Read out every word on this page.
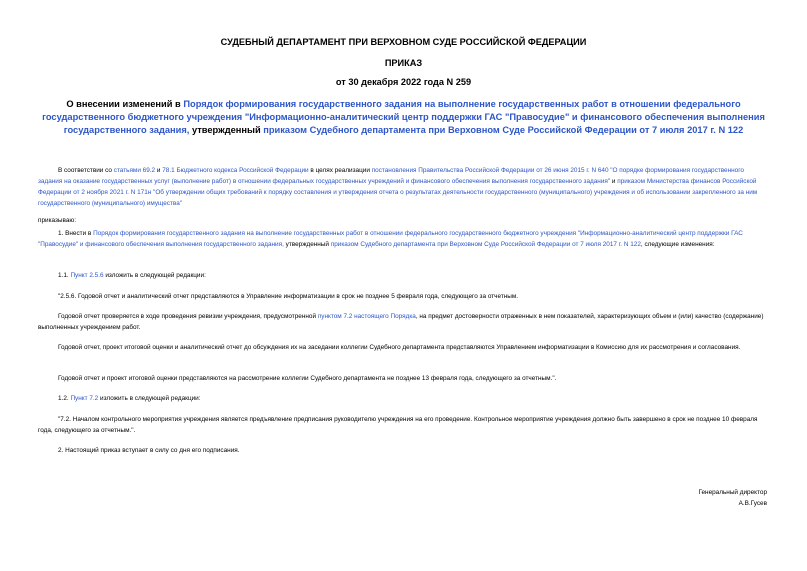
СУДЕБНЫЙ ДЕПАРТАМЕНТ ПРИ ВЕРХОВНОМ СУДЕ РОССИЙСКОЙ ФЕДЕРАЦИИ
ПРИКАЗ
от 30 декабря 2022 года N 259
О внесении изменений в Порядок формирования государственного задания на выполнение государственных работ в отношении федерального государственного бюджетного учреждения "Информационно-аналитический центр поддержки ГАС "Правосудие" и финансового обеспечения выполнения государственного задания, утвержденный приказом Судебного департамента при Верховном Суде Российской Федерации от 7 июля 2017 г. N 122
В соответствии со статьями 69.2 и 78.1 Бюджетного кодекса Российской Федерации в целях реализации постановления Правительства Российской Федерации от 26 июня 2015 г. N 640 "О порядке формирования государственного задания на оказание государственных услуг (выполнение работ) в отношении федеральных государственных учреждений и финансового обеспечения выполнения государственного задания" и приказом Министерства финансов Российской Федерации от 2 ноября 2021 г. N 171н "Об утверждении общих требований к порядку составления и утверждения отчета о результатах деятельности государственного (муниципального) учреждения и об использовании закрепленного за ним государственного (муниципального) имущества"
приказываю:
1. Внести в Порядок формирования государственного задания на выполнение государственных работ в отношении федерального государственного бюджетного учреждения "Информационно-аналитический центр поддержки ГАС "Правосудие" и финансового обеспечения выполнения государственного задания, утвержденный приказом Судебного департамента при Верховном Суде Российской Федерации от 7 июля 2017 г. N 122, следующие изменения:
1.1. Пункт 2.5.6 изложить в следующей редакции:
"2.5.6. Годовой отчет и аналитический отчет представляются в Управление информатизации в срок не позднее 5 февраля года, следующего за отчетным.
Годовой отчет проверяется в ходе проведения ревизии учреждения, предусмотренной пунктом 7.2 настоящего Порядка, на предмет достоверности отраженных в нем показателей, характеризующих объем и (или) качество (содержание) выполненных учреждением работ.
Годовой отчет, проект итоговой оценки и аналитический отчет до обсуждения их на заседании коллегии Судебного департамента представляются Управлением информатизации в Комиссию для их рассмотрения и согласования.
Годовой отчет и проект итоговой оценки представляются на рассмотрение коллегии Судебного департамента не позднее 13 февраля года, следующего за отчетным.".
1.2. Пункт 7.2 изложить в следующей редакции:
"7.2. Началом контрольного мероприятия учреждения является предъявление предписания руководителю учреждения на его проведение. Контрольное мероприятие учреждения должно быть завершено в срок не позднее 10 февраля года, следующего за отчетным.".
2. Настоящий приказ вступает в силу со дня его подписания.
Генеральный директор
А.В.Гусев
